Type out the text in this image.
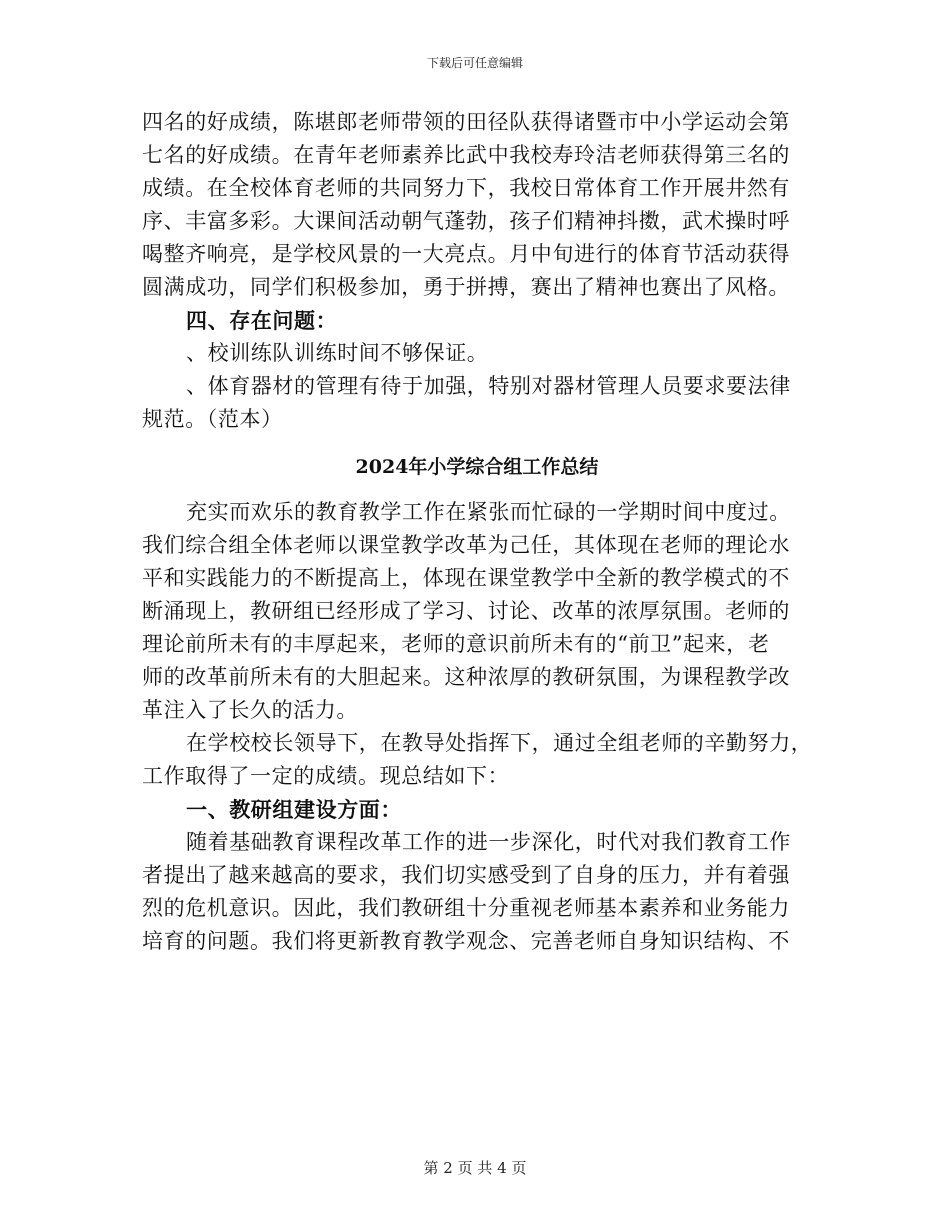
下载后可任意编辑
四名的好成绩，陈堪郎老师带领的田径队获得诸暨市中小学运动会第
七名的好成绩。在青年老师素养比武中我校寿玲洁老师获得第三名的
成绩。在全校体育老师的共同努力下，我校日常体育工作开展井然有
序、丰富多彩。大课间活动朝气蓬勃，孩子们精神抖擞，武术操时呼
喝整齐响亮，是学校风景的一大亮点。月中旬进行的体育节活动获得
圆满成功，同学们积极参加，勇于拼搏，赛出了精神也赛出了风格。
四、存在问题：
、校训练队训练时间不够保证。
、体育器材的管理有待于加强，特别对器材管理人员要求要法律
规范。（范本）
2024年小学综合组工作总结
充实而欢乐的教育教学工作在紧张而忙碌的一学期时间中度过。
我们综合组全体老师以课堂教学改革为己任，其体现在老师的理论水
平和实践能力的不断提高上，体现在课堂教学中全新的教学模式的不
断涌现上，教研组已经形成了学习、讨论、改革的浓厚氛围。老师的
理论前所未有的丰厚起来，老师的意识前所未有的“前卫”起来，老
师的改革前所未有的大胆起来。这种浓厚的教研氛围，为课程教学改
革注入了长久的活力。
在学校校长领导下，在教导处指挥下，通过全组老师的辛勤努力，
工作取得了一定的成绩。现总结如下：
一、教研组建设方面：
随着基础教育课程改革工作的进一步深化，时代对我们教育工作
者提出了越来越高的要求，我们切实感受到了自身的压力，并有着强
烈的危机意识。因此，我们教研组十分重视老师基本素养和业务能力
培育的问题。我们将更新教育教学观念、完善老师自身知识结构、不
第 2 页 共 4 页
